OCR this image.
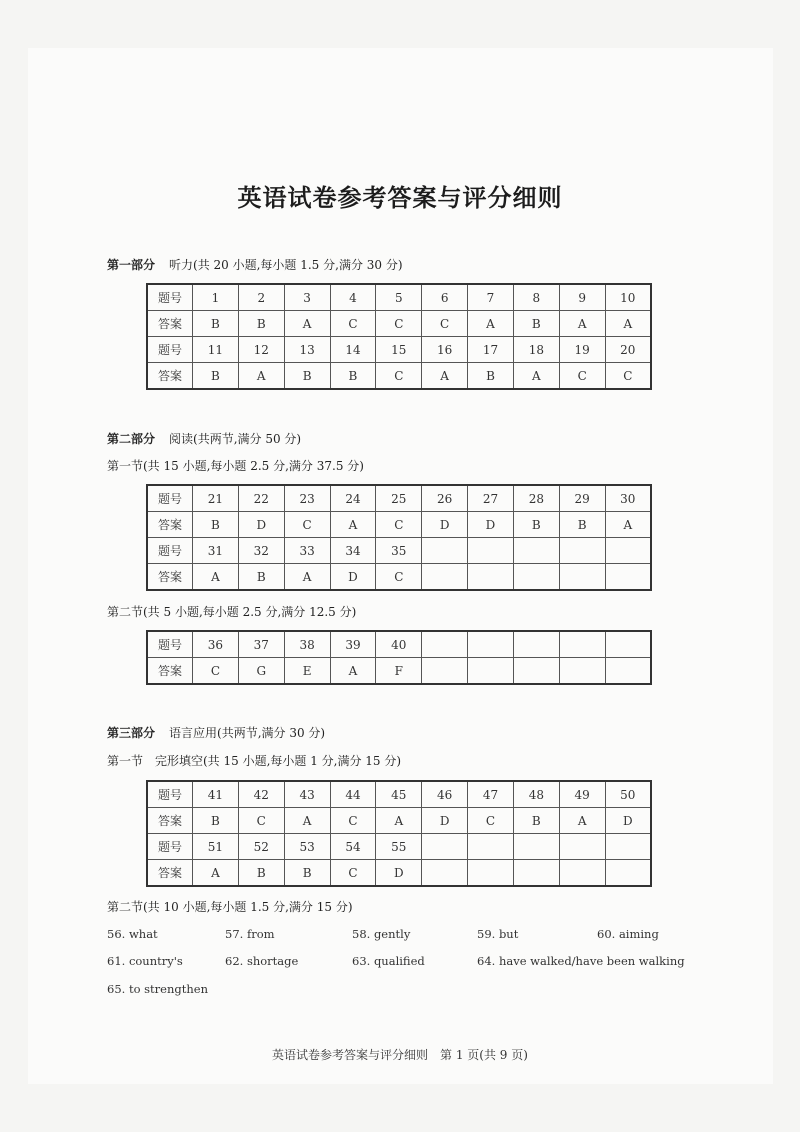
英语试卷参考答案与评分细则
第一部分 听力(共 20 小题,每小题 1.5 分,满分 30 分)
题号	1	2	3	4	5	6	7	8	9	10
答案	B	B	A	C	C	C	A	B	A	A
题号	11	12	13	14	15	16	17	18	19	20
答案	B	A	B	B	C	A	B	A	C	C
第二部分 阅读(共两节,满分 50 分)
第一节(共 15 小题,每小题 2.5 分,满分 37.5 分)
题号	21	22	23	24	25	26	27	28	29	30
答案	B	D	C	A	C	D	D	B	B	A
题号	31	32	33	34	35					
答案	A	B	A	D	C					
第二节(共 5 小题,每小题 2.5 分,满分 12.5 分)
题号	36	37	38	39	40					
答案	C	G	E	A	F					
第三部分 语言应用(共两节,满分 30 分)
第一节　完形填空(共 15 小题,每小题 1 分,满分 15 分)
题号	41	42	43	44	45	46	47	48	49	50
答案	B	C	A	C	A	D	C	B	A	D
题号	51	52	53	54	55					
答案	A	B	B	C	D					
第二节(共 10 小题,每小题 1.5 分,满分 15 分)
56. what	57. from	58. gently	59. but	60. aiming
61. country's	62. shortage	63. qualified	64. have walked/have been walking
65. to strengthen
英语试卷参考答案与评分细则　第 1 页(共 9 页)
